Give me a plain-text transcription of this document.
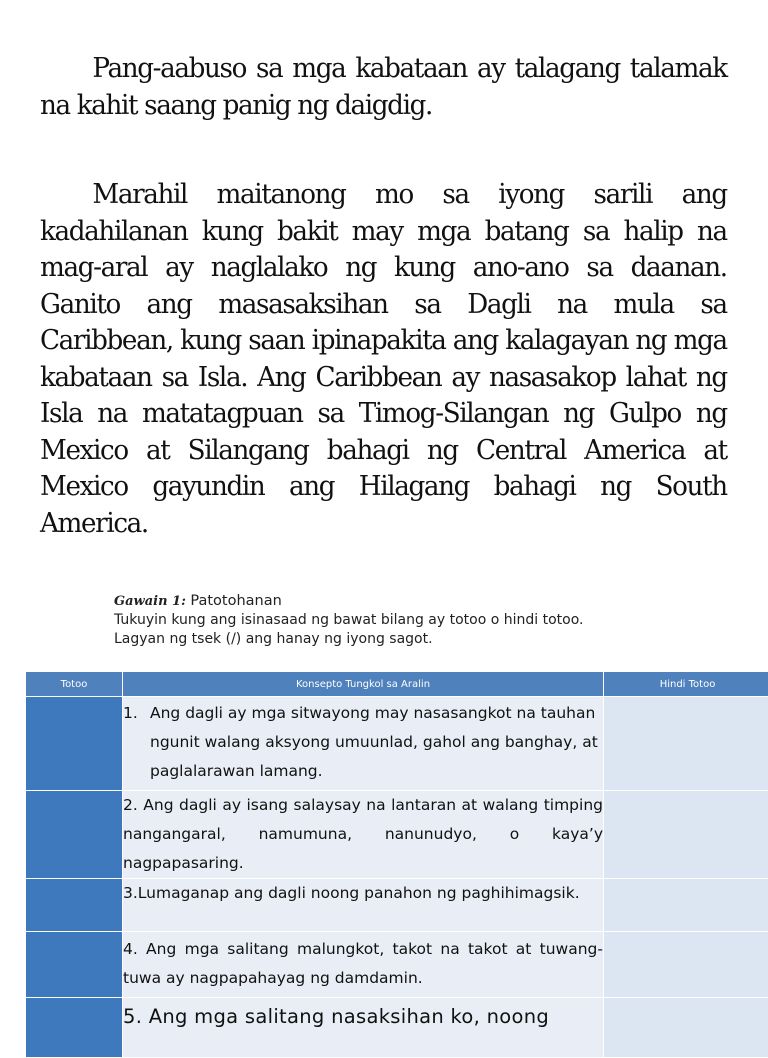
Pang-aabuso sa mga kabataan ay talagang talamak na kahit saang panig ng daigdig.

Marahil maitanong mo sa iyong sarili ang kadahilanan kung bakit may mga batang sa halip na mag-aral ay naglalako ng kung ano-ano sa daanan. Ganito ang masasaksihan sa Dagli na mula sa Caribbean, kung saan ipinapakita ang kalagayan ng mga kabataan sa Isla. Ang Caribbean ay nasasakop lahat ng Isla na matatagpuan sa Timog-Silangan ng Gulpo ng Mexico at Silangang bahagi ng Central America at Mexico gayundin ang Hilagang bahagi ng South America.

Gawain 1: Patotohanan
Tukuyin kung ang isinasaad ng bawat bilang ay totoo o hindi totoo.
Lagyan ng tsek (/) ang hanay ng iyong sagot.
Totoo	Konsepto Tungkol sa Aralin	Hindi Totoo

	1. Ang dagli ay mga sitwayong may nasasangkot na tauhan ngunit walang aksyong umuunlad, gahol ang banghay, at paglalarawan lamang.	

	2. Ang dagli ay isang salaysay na lantaran at walang timping nangangaral, namumuna, nanunudyo, o kaya’y nagpapasaring.	
	3.Lumaganap ang dagli noong panahon ng paghihimagsik.	
	4. Ang mga salitang malungkot, takot na takot at tuwang-tuwa ay nagpapahayag ng damdamin.	
	5. Ang mga salitang nasaksihan ko, noong	
